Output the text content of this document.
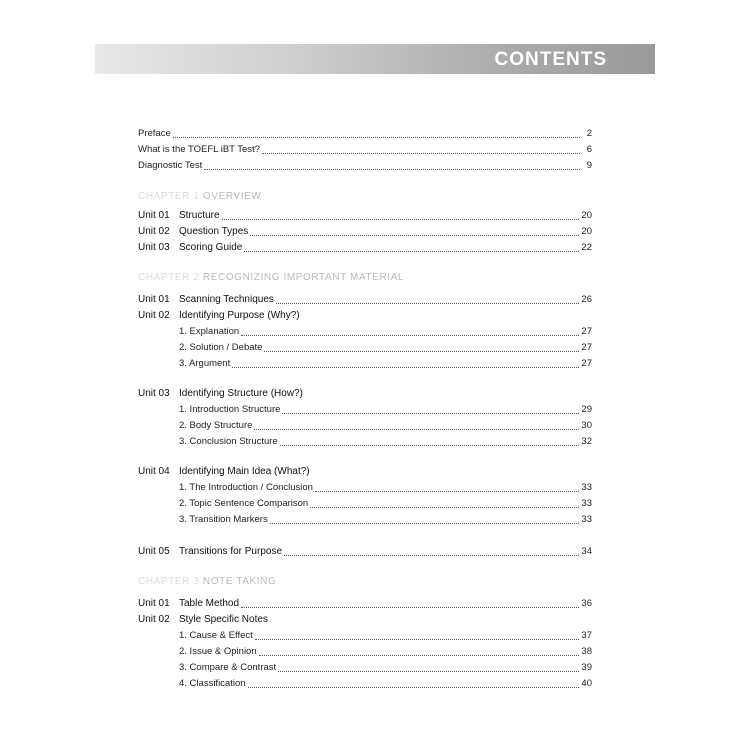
CONTENTS
Preface	2
What is the TOEFL iBT Test?	6
Diagnostic Test	9
CHAPTER 1 OVERVIEW
Unit 01 Structure	20
Unit 02 Question Types	20
Unit 03 Scoring Guide	22
CHAPTER 2 RECOGNIZING IMPORTANT MATERIAL
Unit 01 Scanning Techniques	26
Unit 02 Identifying Purpose (Why?)
1. Explanation	27
2. Solution / Debate	27
3. Argument	27
Unit 03 Identifying Structure (How?)
1. Introduction Structure	29
2. Body Structure	30
3. Conclusion Structure	32
Unit 04 Identifying Main Idea (What?)
1. The Introduction / Conclusion	33
2. Topic Sentence Comparison	33
3. Transition Markers	33
Unit 05 Transitions for Purpose	34
CHAPTER 3 NOTE TAKING
Unit 01 Table Method	36
Unit 02 Style Specific Notes
1. Cause & Effect	37
2. Issue & Opinion	38
3. Compare & Contrast	39
4. Classification	40
